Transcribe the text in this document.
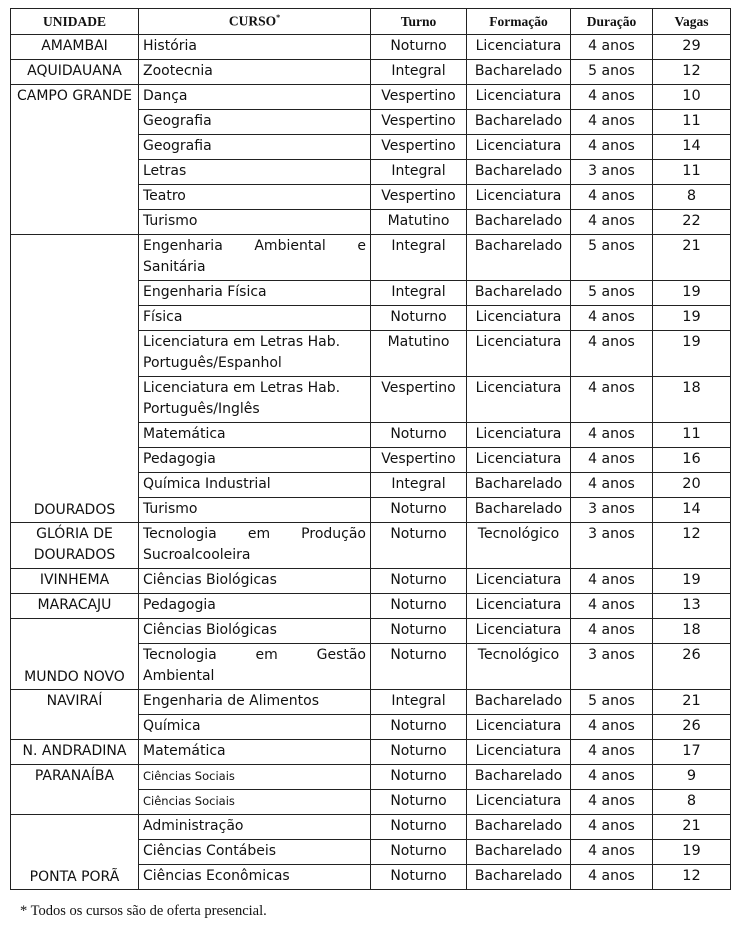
UNIDADE	CURSO*	Turno	Formação	Duração	Vagas
AMAMBAI	História	Noturno	Licenciatura	4 anos	29
AQUIDAUANA	Zootecnia	Integral	Bacharelado	5 anos	12
CAMPO GRANDE	Dança	Vespertino	Licenciatura	4 anos	10
	Geografia	Vespertino	Bacharelado	4 anos	11
	Geografia	Vespertino	Licenciatura	4 anos	14
	Letras	Integral	Bacharelado	3 anos	11
	Teatro	Vespertino	Licenciatura	4 anos	8
	Turismo	Matutino	Bacharelado	4 anos	22
DOURADOS	Engenharia Ambiental e Sanitária	Integral	Bacharelado	5 anos	21
	Engenharia Física	Integral	Bacharelado	5 anos	19
	Física	Noturno	Licenciatura	4 anos	19
	Licenciatura em Letras Hab. Português/Espanhol	Matutino	Licenciatura	4 anos	19
	Licenciatura em Letras Hab. Português/Inglês	Vespertino	Licenciatura	4 anos	18
	Matemática	Noturno	Licenciatura	4 anos	11
	Pedagogia	Vespertino	Licenciatura	4 anos	16
	Química Industrial	Integral	Bacharelado	4 anos	20
	Turismo	Noturno	Bacharelado	3 anos	14
GLÓRIA DE DOURADOS	Tecnologia em Produção Sucroalcooleira	Noturno	Tecnológico	3 anos	12
IVINHEMA	Ciências Biológicas	Noturno	Licenciatura	4 anos	19
MARACAJU	Pedagogia	Noturno	Licenciatura	4 anos	13
MUNDO NOVO	Ciências Biológicas	Noturno	Licenciatura	4 anos	18
	Tecnologia em Gestão Ambiental	Noturno	Tecnológico	3 anos	26
NAVIRAÍ	Engenharia de Alimentos	Integral	Bacharelado	5 anos	21
	Química	Noturno	Licenciatura	4 anos	26
N. ANDRADINA	Matemática	Noturno	Licenciatura	4 anos	17
PARANAÍBA	Ciências Sociais	Noturno	Bacharelado	4 anos	9
	Ciências Sociais	Noturno	Licenciatura	4 anos	8
PONTA PORÃ	Administração	Noturno	Bacharelado	4 anos	21
	Ciências Contábeis	Noturno	Bacharelado	4 anos	19
	Ciências Econômicas	Noturno	Bacharelado	4 anos	12
* Todos os cursos são de oferta presencial.
